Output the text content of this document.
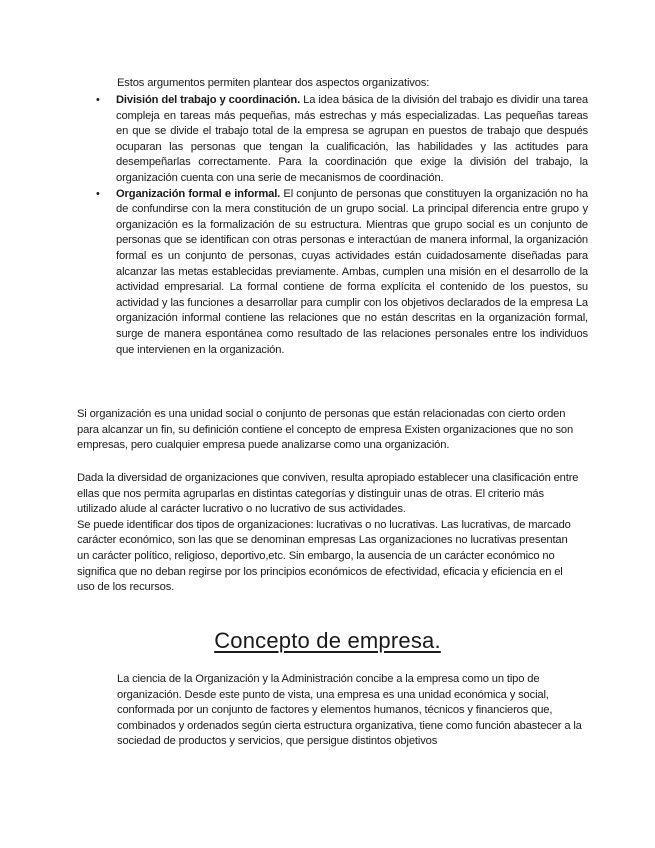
Estos argumentos permiten plantear dos aspectos organizativos:
• División del trabajo y coordinación. La idea básica de la división del trabajo es dividir una tarea compleja en tareas más pequeñas, más estrechas y más especializadas. Las pequeñas tareas en que se divide el trabajo total de la empresa se agrupan en puestos de trabajo que después ocuparan las personas que tengan la cualificación, las habilidades y las actitudes para desempeñarlas correctamente. Para la coordinación que exige la división del trabajo, la organización cuenta con una serie de mecanismos de coordinación.
• Organización formal e informal. El conjunto de personas que constituyen la organización no ha de confundirse con la mera constitución de un grupo social. La principal diferencia entre grupo y organización es la formalización de su estructura. Mientras que grupo social es un conjunto de personas que se identifican con otras personas e interactúan de manera informal, la organización formal es un conjunto de personas, cuyas actividades están cuidadosamente diseñadas para alcanzar las metas establecidas previamente. Ambas, cumplen una misión en el desarrollo de la actividad empresarial. La formal contiene de forma explícita el contenido de los puestos, su actividad y las funciones a desarrollar para cumplir con los objetivos declarados de la empresa La organización informal contiene las relaciones que no están descritas en la organización formal, surge de manera espontánea como resultado de las relaciones personales entre los individuos que intervienen en la organización.
Si organización es una unidad social o conjunto de personas que están relacionadas con cierto orden para alcanzar un fin, su definición contiene el concepto de empresa Existen organizaciones que no son empresas, pero cualquier empresa puede analizarse como una organización.
Dada la diversidad de organizaciones que conviven, resulta apropiado establecer una clasificación entre ellas que nos permita agruparlas en distintas categorías y distinguir unas de otras. El criterio más utilizado alude al carácter lucrativo o no lucrativo de sus actividades.
Se puede identificar dos tipos de organizaciones: lucrativas o no lucrativas. Las lucrativas, de marcado carácter económico, son las que se denominan empresas Las organizaciones no lucrativas presentan un carácter político, religioso, deportivo,etc. Sin embargo, la ausencia de un carácter económico no significa que no deban regirse por los principios económicos de efectividad, eficacia y eficiencia en el uso de los recursos.
Concepto de empresa.
La ciencia de la Organización y la Administración concibe a la empresa como un tipo de organización. Desde este punto de vista, una empresa es una unidad económica y social, conformada por un conjunto de factores y elementos humanos, técnicos y financieros que, combinados y ordenados según cierta estructura organizativa, tiene como función abastecer a la sociedad de productos y servicios, que persigue distintos objetivos
